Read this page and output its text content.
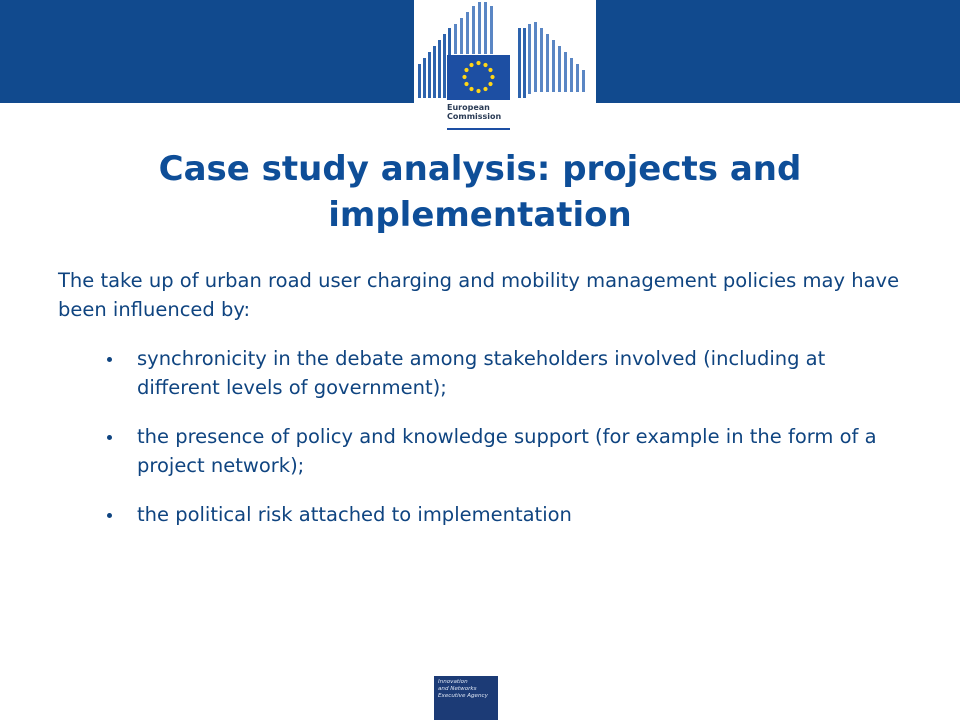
European
Commission
Case study analysis: projects and implementation

The take up of urban road user charging and mobility management policies may have been influenced by:

synchronicity in the debate among stakeholders involved (including at different levels of government);
the presence of policy and knowledge support (for example in the form of a project network);
the political risk attached to implementation
Innovation
and Networks
Executive Agency
